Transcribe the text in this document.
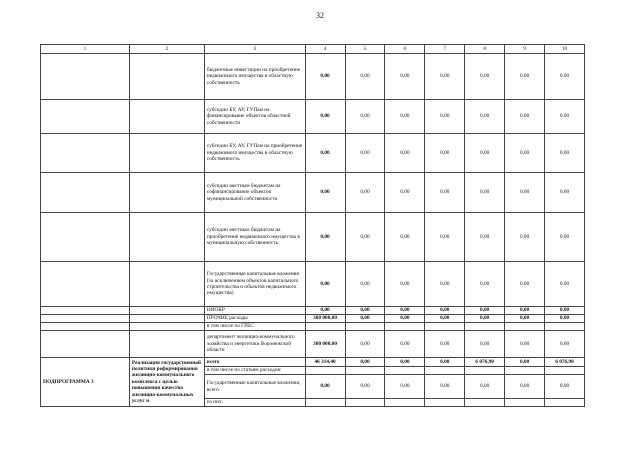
32
1	2	3	4	5	6	7	8	9	10
		бюджетные инвестиции на приобретение недвижимого имущества в областную собственность	0,00	0,00	0,00	0,00	0,00	0,00	0,00
		субсидии БУ, АУ, ГУПам на финансирование объектов областной собственности	0,00	0,00	0,00	0,00	0,00	0,00	0,00
		субсидии БУ, АУ, ГУПам на приобретение недвижимого имущества в областную собственность	0,00	0,00	0,00	0,00	0,00	0,00	0,00
		субсидии местным бюджетам на софинансирование объектов муниципальной собственности	0,00	0,00	0,00	0,00	0,00	0,00	0,00
		субсидии местным бюджетам на приобретение недвижимого имущества в муниципальную собственность	0,00	0,00	0,00	0,00	0,00	0,00	0,00
		Государственные капитальные вложения (за исключением объектов капитального строительства и объектов недвижимого имущества)	0,00	0,00	0,00	0,00	0,00	0,00	0,00
		НИОКР	0,00	0,00	0,00	0,00	0,00	0,00	0,00
		ПРОЧИЕ расходы	300 000,00	0,00	0,00	0,00	0,00	0,00	0,00
		в том числе по ГРБС:							
		департамент жилищно-коммунального хозяйства и энергетики Воронежской области	300 000,00	0,00	0,00	0,00	0,00	0,00	0,00
ПОДПРОГРАММА 3	Реализация государственной политики реформирования жилищно-коммунального комплекса с целью повышения качества жилищно-коммунальных услуг и	всего	46 314,40	0,00	0,00	0,00	6 076,90	0,00	6 076,90
		в том числе по статьям расходов:							
		Государственные капитальные вложения, всего	0,00	0,00	0,00	0,00	0,00	0,00	0,00
		из них:							
